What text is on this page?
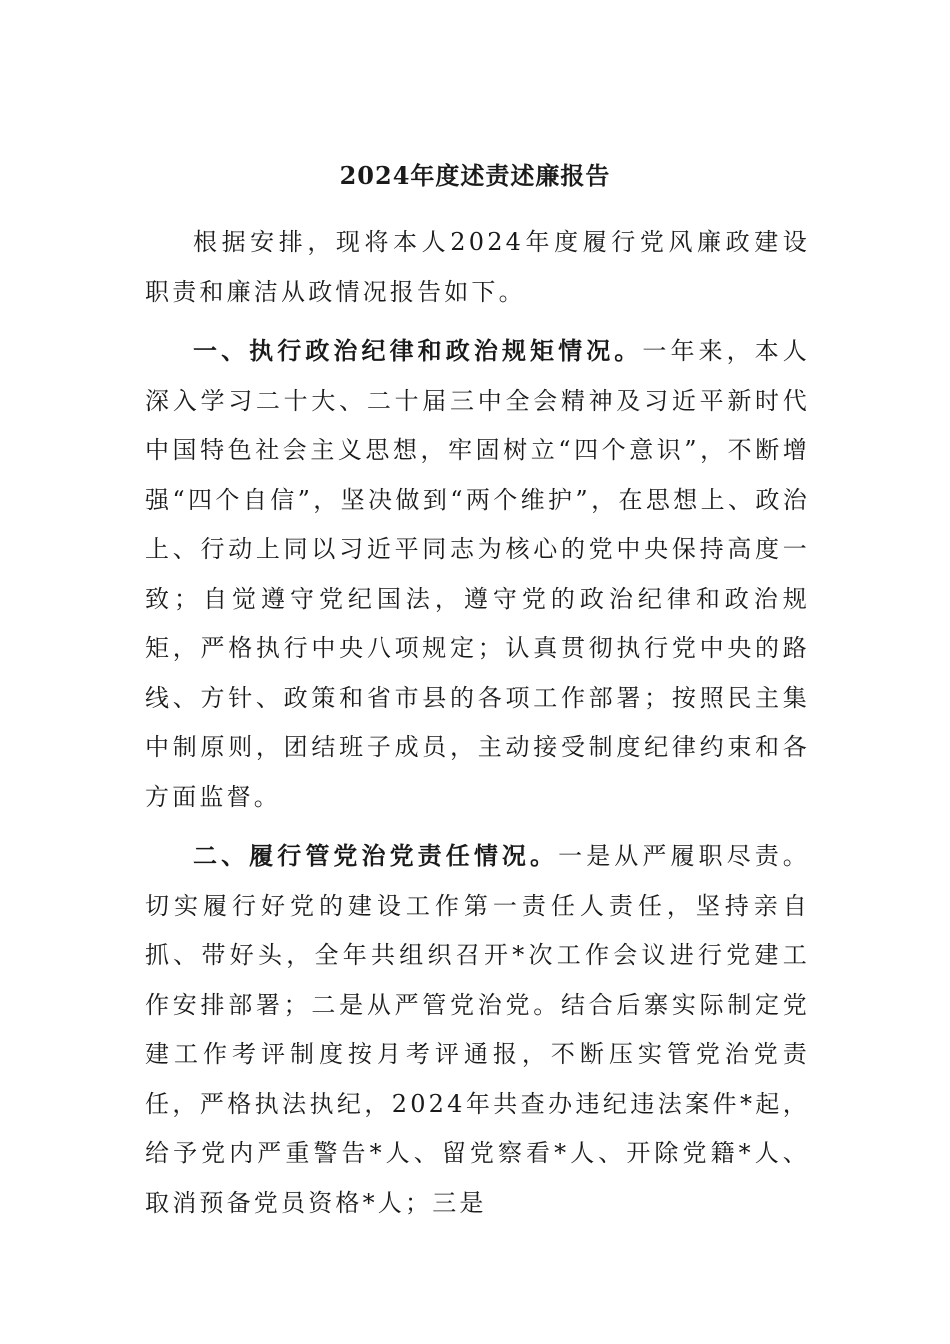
2024年度述责述廉报告

根据安排，现将本人2024年度履行党风廉政建设职责和廉洁从政情况报告如下。

一、执行政治纪律和政治规矩情况。一年来，本人深入学习二十大、二十届三中全会精神及习近平新时代中国特色社会主义思想，牢固树立“四个意识”，不断增强“四个自信”，坚决做到“两个维护”，在思想上、政治上、行动上同以习近平同志为核心的党中央保持高度一致；自觉遵守党纪国法，遵守党的政治纪律和政治规矩，严格执行中央八项规定；认真贯彻执行党中央的路线、方针、政策和省市县的各项工作部署；按照民主集中制原则，团结班子成员，主动接受制度纪律约束和各方面监督。

二、履行管党治党责任情况。一是从严履职尽责。切实履行好党的建设工作第一责任人责任，坚持亲自抓、带好头，全年共组织召开*次工作会议进行党建工作安排部署；二是从严管党治党。结合后寨实际制定党建工作考评制度按月考评通报，不断压实管党治党责任，严格执法执纪，2024年共查办违纪违法案件*起，给予党内严重警告*人、留党察看*人、开除党籍*人、取消预备党员资格*人；三是
